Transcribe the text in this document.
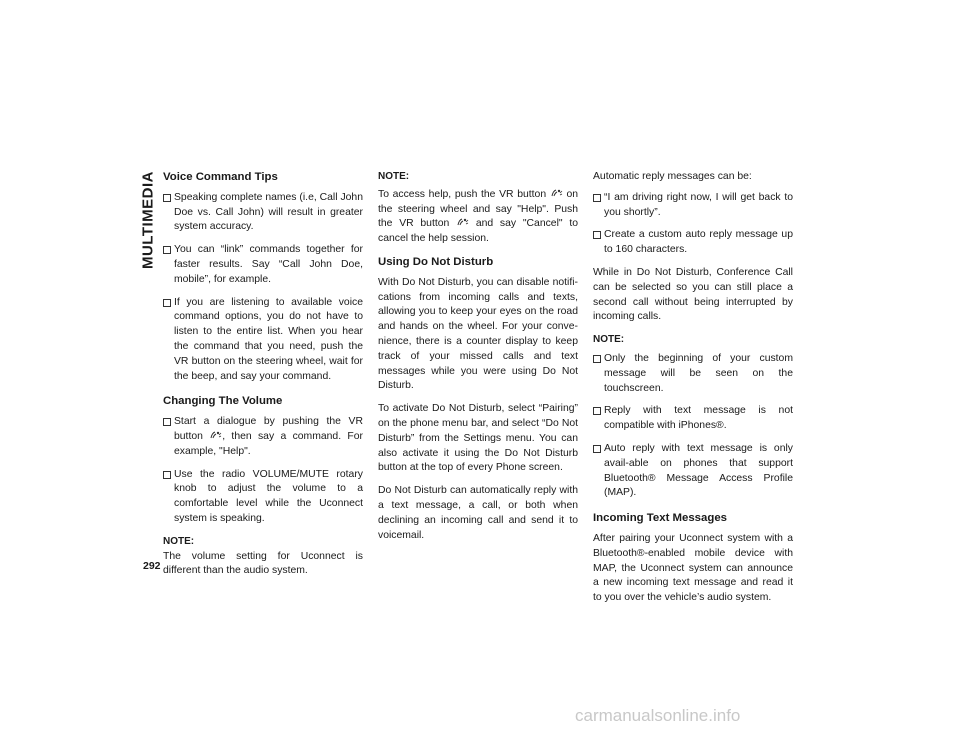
MULTIMEDIA Voice Command Tips
Speaking complete names (i.e, Call John Doe vs. Call John) will result in greater system accuracy.
You can “link” commands together for faster results. Say “Call John Doe, mobile”, for example.
If you are listening to available voice command options, you do not have to listen to the entire list. When you hear the command that you need, push the VR button on the steering wheel, wait for the beep, and say your command.
Changing The Volume
Start a dialogue by pushing the VR button , then say a command. For example, "Help".
Use the radio VOLUME/MUTE rotary knob to adjust the volume to a comfortable level while the Uconnect system is speaking.
NOTE:

The volume setting for Uconnect is different than the audio system.

NOTE:

To access help, push the VR button on the steering wheel and say "Help". Push the VR button	and say "Cancel" to cancel the help session.

Using Do Not Disturb

With Do Not Disturb, you can disable notifi-cations from incoming calls and texts, allowing you to keep your eyes on the road and hands on the wheel. For your conve-nience, there is a counter display to keep track of your missed calls and text messages while you were using Do Not Disturb.

To activate Do Not Disturb, select “Pairing” on the phone menu bar, and select “Do Not Disturb” from the Settings menu. You can also activate it using the Do Not Disturb button at the top of every Phone screen.

Do Not Disturb can automatically reply with a text message, a call, or both when declining an incoming call and send it to voicemail.

Automatic reply messages can be:

“I am driving right now, I will get back to you shortly”.
Create a custom auto reply message up to 160 characters.

While in Do Not Disturb, Conference Call can be selected so you can still place a second call without being interrupted by incoming calls.

NOTE:
Only the beginning of your custom message will be seen on the touchscreen.
Reply with text message is not compatible with iPhones®.
Auto reply with text message is only avail-able on phones that support Bluetooth® Message Access Profile (MAP).
Incoming Text Messages

After pairing your Uconnect system with a Bluetooth®-enabled mobile device with MAP, the Uconnect system can announce a new incoming text message and read it to you over the vehicle’s audio system.

292
carmanualsonline.info
